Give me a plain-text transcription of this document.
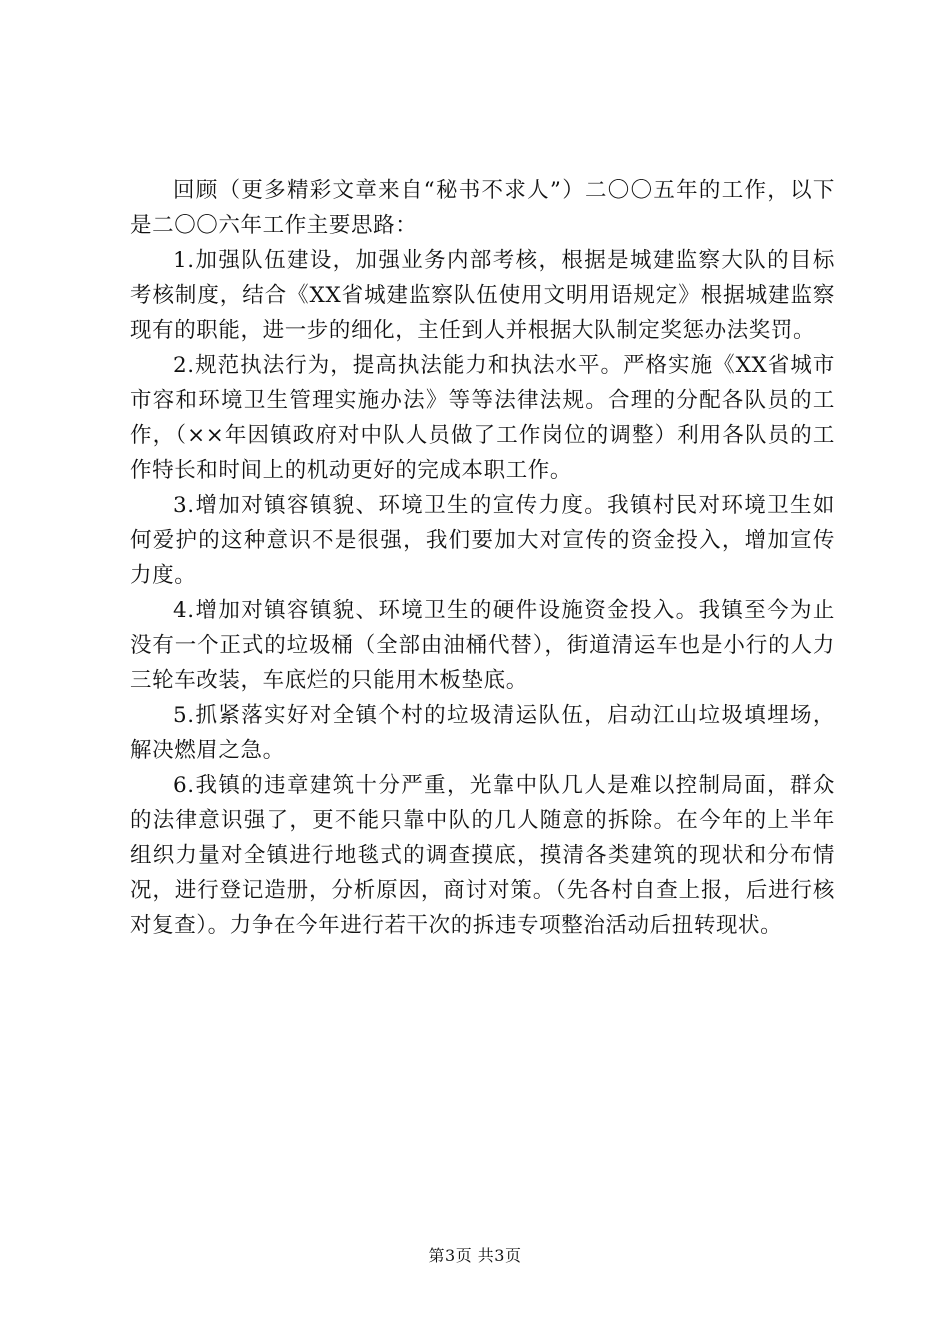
回顾（更多精彩文章来自“秘书不求人”）二〇〇五年的工作，以下是二〇〇六年工作主要思路：

1.加强队伍建设，加强业务内部考核，根据是城建监察大队的目标考核制度，结合《XX省城建监察队伍使用文明用语规定》根据城建监察现有的职能，进一步的细化，主任到人并根据大队制定奖惩办法奖罚。

2.规范执法行为，提高执法能力和执法水平。严格实施《XX省城市市容和环境卫生管理实施办法》等等法律法规。合理的分配各队员的工作，（××年因镇政府对中队人员做了工作岗位的调整）利用各队员的工作特长和时间上的机动更好的完成本职工作。

3.增加对镇容镇貌、环境卫生的宣传力度。我镇村民对环境卫生如何爱护的这种意识不是很强，我们要加大对宣传的资金投入，增加宣传力度。

4.增加对镇容镇貌、环境卫生的硬件设施资金投入。我镇至今为止没有一个正式的垃圾桶（全部由油桶代替），街道清运车也是小行的人力三轮车改装，车底烂的只能用木板垫底。

5.抓紧落实好对全镇个村的垃圾清运队伍，启动江山垃圾填埋场，解决燃眉之急。

6.我镇的违章建筑十分严重，光靠中队几人是难以控制局面，群众的法律意识强了，更不能只靠中队的几人随意的拆除。在今年的上半年组织力量对全镇进行地毯式的调查摸底，摸清各类建筑的现状和分布情况，进行登记造册，分析原因，商讨对策。（先各村自查上报，后进行核对复查）。力争在今年进行若干次的拆违专项整治活动后扭转现状。

第3页 共3页
